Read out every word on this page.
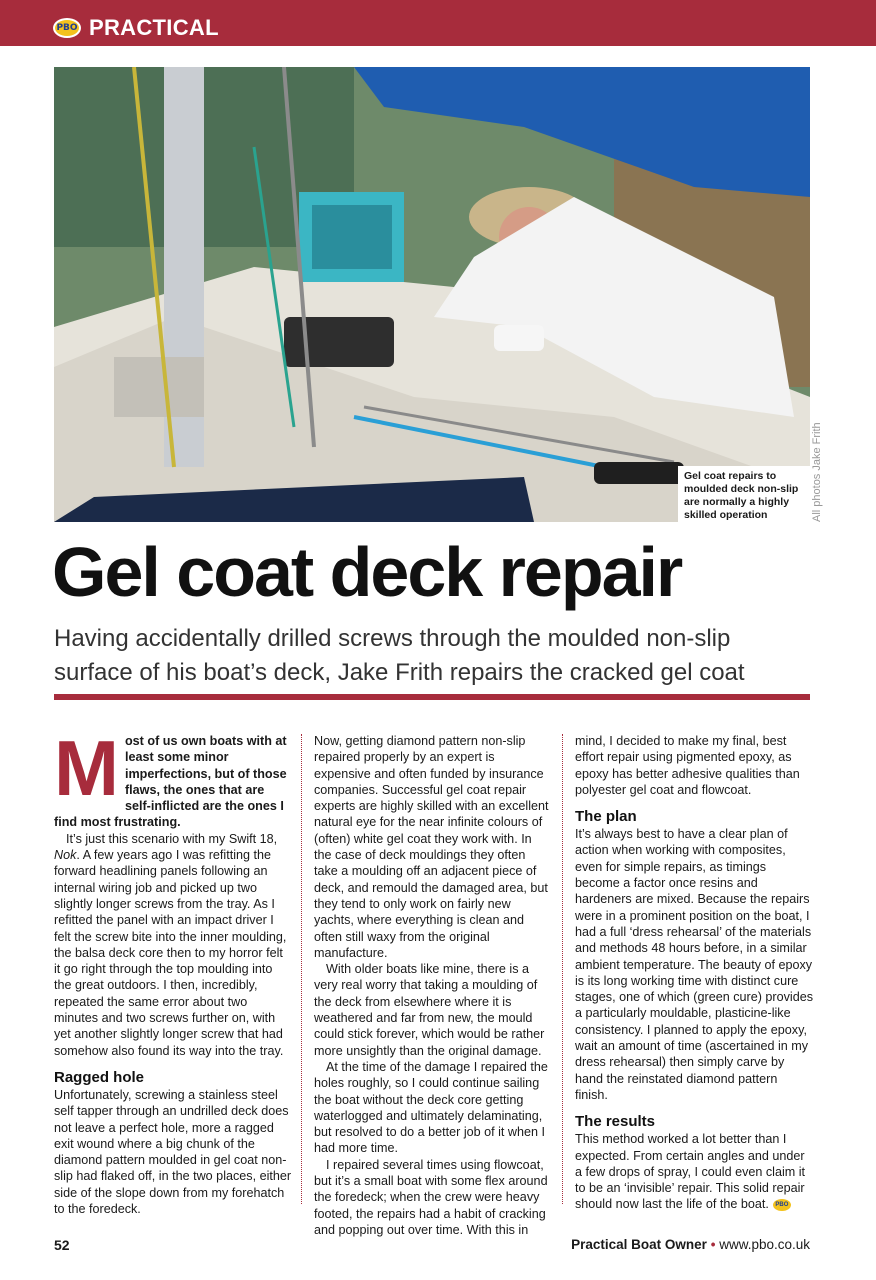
PBO PRACTICAL
Gel coat repairs to moulded deck non-slip are normally a highly skilled operation	All photos Jake Frith
Gel coat deck repair
Having accidentally drilled screws through the moulded non-slip surface of his boat’s deck, Jake Frith repairs the cracked gel coat
M ost of us own boats with at least some minor imperfections, but of those flaws, the ones that are self-inflicted are the ones I find most frustrating.

It’s just this scenario with my Swift 18, Nok. A few years ago I was refitting the forward headlining panels following an internal wiring job and picked up two slightly longer screws from the tray. As I refitted the panel with an impact driver I felt the screw bite into the inner moulding, the balsa deck core then to my horror felt it go right through the top moulding into the great outdoors. I then, incredibly, repeated the same error about two minutes and two screws further on, with yet another slightly longer screw that had somehow also found its way into the tray.

Ragged hole

Unfortunately, screwing a stainless steel self tapper through an undrilled deck does not leave a perfect hole, more a ragged exit wound where a big chunk of the diamond pattern moulded in gel coat non-slip had flaked off, in the two places, either side of the slope down from my forehatch to the foredeck.

Now, getting diamond pattern non-slip repaired properly by an expert is expensive and often funded by insurance companies. Successful gel coat repair experts are highly skilled with an excellent natural eye for the near infinite colours of (often) white gel coat they work with. In the case of deck mouldings they often take a moulding off an adjacent piece of deck, and remould the damaged area, but they tend to only work on fairly new yachts, where everything is clean and often still waxy from the original manufacture.

With older boats like mine, there is a very real worry that taking a moulding of the deck from elsewhere where it is weathered and far from new, the mould could stick forever, which would be rather more unsightly than the original damage.

At the time of the damage I repaired the holes roughly, so I could continue sailing the boat without the deck core getting waterlogged and ultimately delaminating, but resolved to do a better job of it when I had more time.

I repaired several times using flowcoat, but it’s a small boat with some flex around the foredeck; when the crew were heavy footed, the repairs had a habit of cracking and popping out over time. With this in

mind, I decided to make my final, best effort repair using pigmented epoxy, as epoxy has better adhesive qualities than polyester gel coat and flowcoat.

The plan

It’s always best to have a clear plan of action when working with composites, even for simple repairs, as timings become a factor once resins and hardeners are mixed. Because the repairs were in a prominent position on the boat, I had a full ‘dress rehearsal’ of the materials and methods 48 hours before, in a similar ambient temperature. The beauty of epoxy is its long working time with distinct cure stages, one of which (green cure) provides a particularly mouldable, plasticine-like consistency. I planned to apply the epoxy, wait an amount of time (ascertained in my dress rehearsal) then simply carve by hand the reinstated diamond pattern finish.

The results

This method worked a lot better than I expected. From certain angles and under a few drops of spray, I could even claim it to be an ‘invisible’ repair. This solid repair should now last the life of the boat. PBO

52	Practical Boat Owner • www.pbo.co.uk
